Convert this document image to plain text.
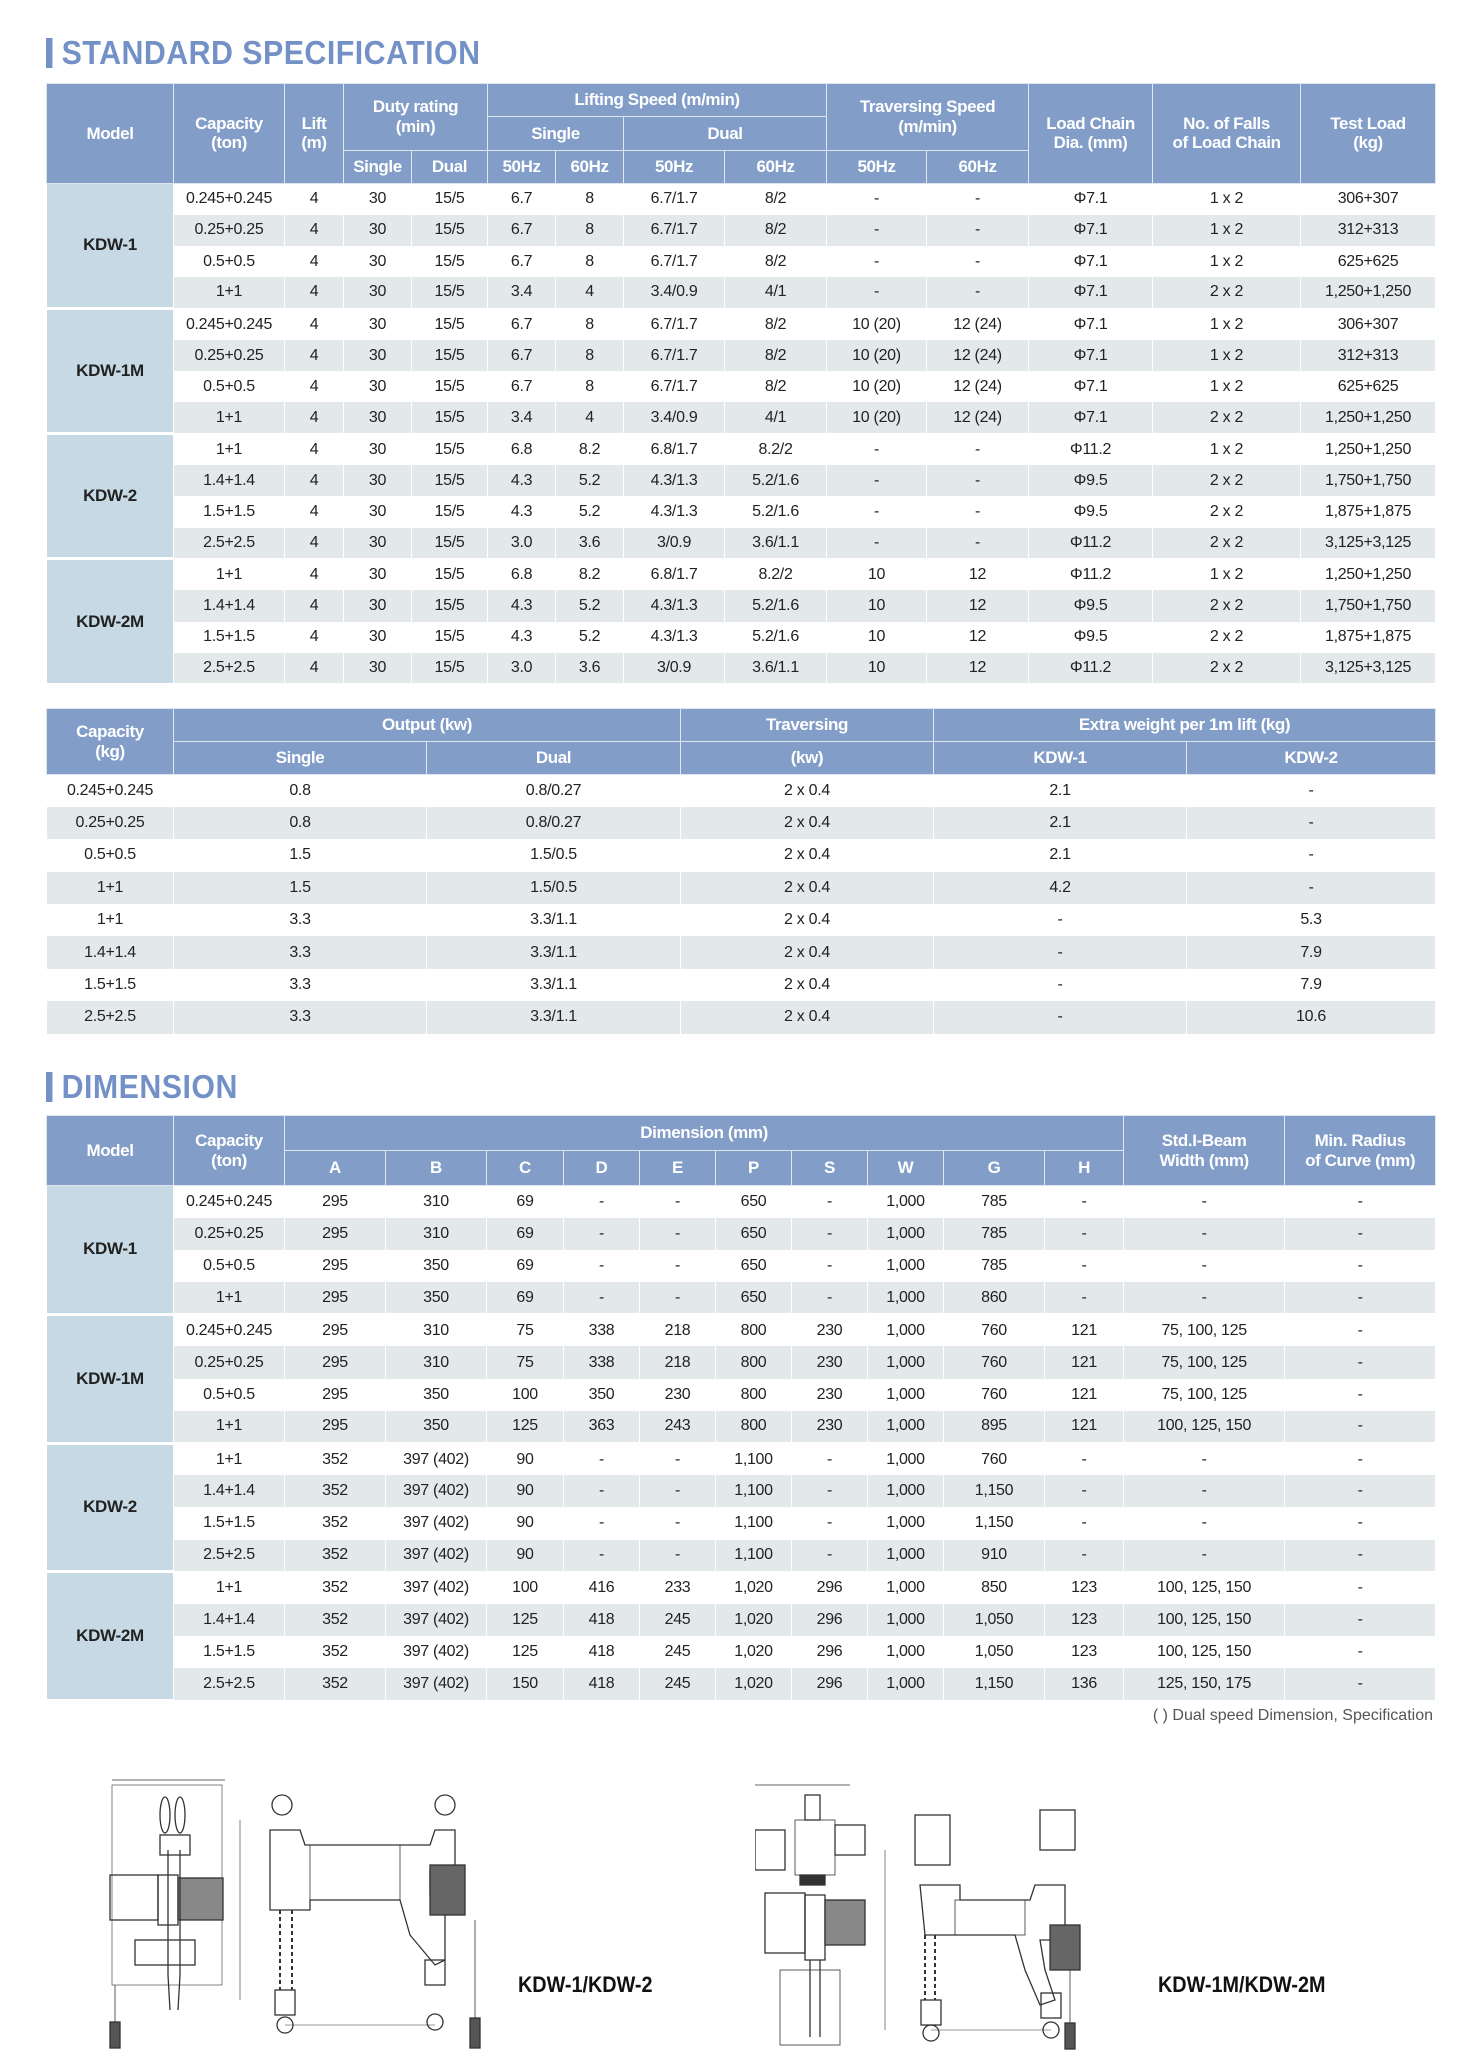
STANDARD SPECIFICATION
Model	Capacity
(ton)	Lift
(m)	Duty rating
(min)		Lifting Speed (m/min)				Traversing Speed
(m/min)		Load Chain
Dia. (mm)	No. of Falls
of Load Chain	Test Load
(kg)
					Single		Dual						
			Single	Dual	50Hz	60Hz	50Hz	60Hz	50Hz	60Hz			
KDW-1	0.245+0.245	4	30	15/5	6.7	8	6.7/1.7	8/2	-	-	Φ7.1	1 x 2	306+307
	0.25+0.25	4	30	15/5	6.7	8	6.7/1.7	8/2	-	-	Φ7.1	1 x 2	312+313
	0.5+0.5	4	30	15/5	6.7	8	6.7/1.7	8/2	-	-	Φ7.1	1 x 2	625+625
	1+1	4	30	15/5	3.4	4	3.4/0.9	4/1	-	-	Φ7.1	2 x 2	1,250+1,250
KDW-1M	0.245+0.245	4	30	15/5	6.7	8	6.7/1.7	8/2	10 (20)	12 (24)	Φ7.1	1 x 2	306+307
	0.25+0.25	4	30	15/5	6.7	8	6.7/1.7	8/2	10 (20)	12 (24)	Φ7.1	1 x 2	312+313
	0.5+0.5	4	30	15/5	6.7	8	6.7/1.7	8/2	10 (20)	12 (24)	Φ7.1	1 x 2	625+625
	1+1	4	30	15/5	3.4	4	3.4/0.9	4/1	10 (20)	12 (24)	Φ7.1	2 x 2	1,250+1,250
KDW-2	1+1	4	30	15/5	6.8	8.2	6.8/1.7	8.2/2	-	-	Φ11.2	1 x 2	1,250+1,250
	1.4+1.4	4	30	15/5	4.3	5.2	4.3/1.3	5.2/1.6	-	-	Φ9.5	2 x 2	1,750+1,750
	1.5+1.5	4	30	15/5	4.3	5.2	4.3/1.3	5.2/1.6	-	-	Φ9.5	2 x 2	1,875+1,875
	2.5+2.5	4	30	15/5	3.0	3.6	3/0.9	3.6/1.1	-	-	Φ11.2	2 x 2	3,125+3,125
KDW-2M	1+1	4	30	15/5	6.8	8.2	6.8/1.7	8.2/2	10	12	Φ11.2	1 x 2	1,250+1,250
	1.4+1.4	4	30	15/5	4.3	5.2	4.3/1.3	5.2/1.6	10	12	Φ9.5	2 x 2	1,750+1,750
	1.5+1.5	4	30	15/5	4.3	5.2	4.3/1.3	5.2/1.6	10	12	Φ9.5	2 x 2	1,875+1,875
	2.5+2.5	4	30	15/5	3.0	3.6	3/0.9	3.6/1.1	10	12	Φ11.2	2 x 2	3,125+3,125
Capacity
(kg)	Output (kw)		Traversing	Extra weight per 1m lift (kg)	
	Single	Dual	(kw)	KDW-1	KDW-2
0.245+0.245	0.8	0.8/0.27	2 x 0.4	2.1	-
0.25+0.25	0.8	0.8/0.27	2 x 0.4	2.1	-
0.5+0.5	1.5	1.5/0.5	2 x 0.4	2.1	-
1+1	1.5	1.5/0.5	2 x 0.4	4.2	-
1+1	3.3	3.3/1.1	2 x 0.4	-	5.3
1.4+1.4	3.3	3.3/1.1	2 x 0.4	-	7.9
1.5+1.5	3.3	3.3/1.1	2 x 0.4	-	7.9
2.5+2.5	3.3	3.3/1.1	2 x 0.4	-	10.6
DIMENSION
Model	Capacity
(ton)	Dimension (mm)										Std.I-Beam
Width (mm)	Min. Radius
of Curve (mm)
		A	B	C	D	E	P	S	W	G	H		
KDW-1	0.245+0.245	295	310	69	-	-	650	-	1,000	785	-	-	-
	0.25+0.25	295	310	69	-	-	650	-	1,000	785	-	-	-
	0.5+0.5	295	350	69	-	-	650	-	1,000	785	-	-	-
	1+1	295	350	69	-	-	650	-	1,000	860	-	-	-
KDW-1M	0.245+0.245	295	310	75	338	218	800	230	1,000	760	121	75, 100, 125	-
	0.25+0.25	295	310	75	338	218	800	230	1,000	760	121	75, 100, 125	-
	0.5+0.5	295	350	100	350	230	800	230	1,000	760	121	75, 100, 125	-
	1+1	295	350	125	363	243	800	230	1,000	895	121	100, 125, 150	-
KDW-2	1+1	352	397 (402)	90	-	-	1,100	-	1,000	760	-	-	-
	1.4+1.4	352	397 (402)	90	-	-	1,100	-	1,000	1,150	-	-	-
	1.5+1.5	352	397 (402)	90	-	-	1,100	-	1,000	1,150	-	-	-
	2.5+2.5	352	397 (402)	90	-	-	1,100	-	1,000	910	-	-	-
KDW-2M	1+1	352	397 (402)	100	416	233	1,020	296	1,000	850	123	100, 125, 150	-
	1.4+1.4	352	397 (402)	125	418	245	1,020	296	1,000	1,050	123	100, 125, 150	-
	1.5+1.5	352	397 (402)	125	418	245	1,020	296	1,000	1,050	123	100, 125, 150	-
	2.5+2.5	352	397 (402)	150	418	245	1,020	296	1,000	1,150	136	125, 150, 175	-
( ) Dual speed Dimension, Specification
KDW-1/KDW-2	KDW-1M/KDW-2M
